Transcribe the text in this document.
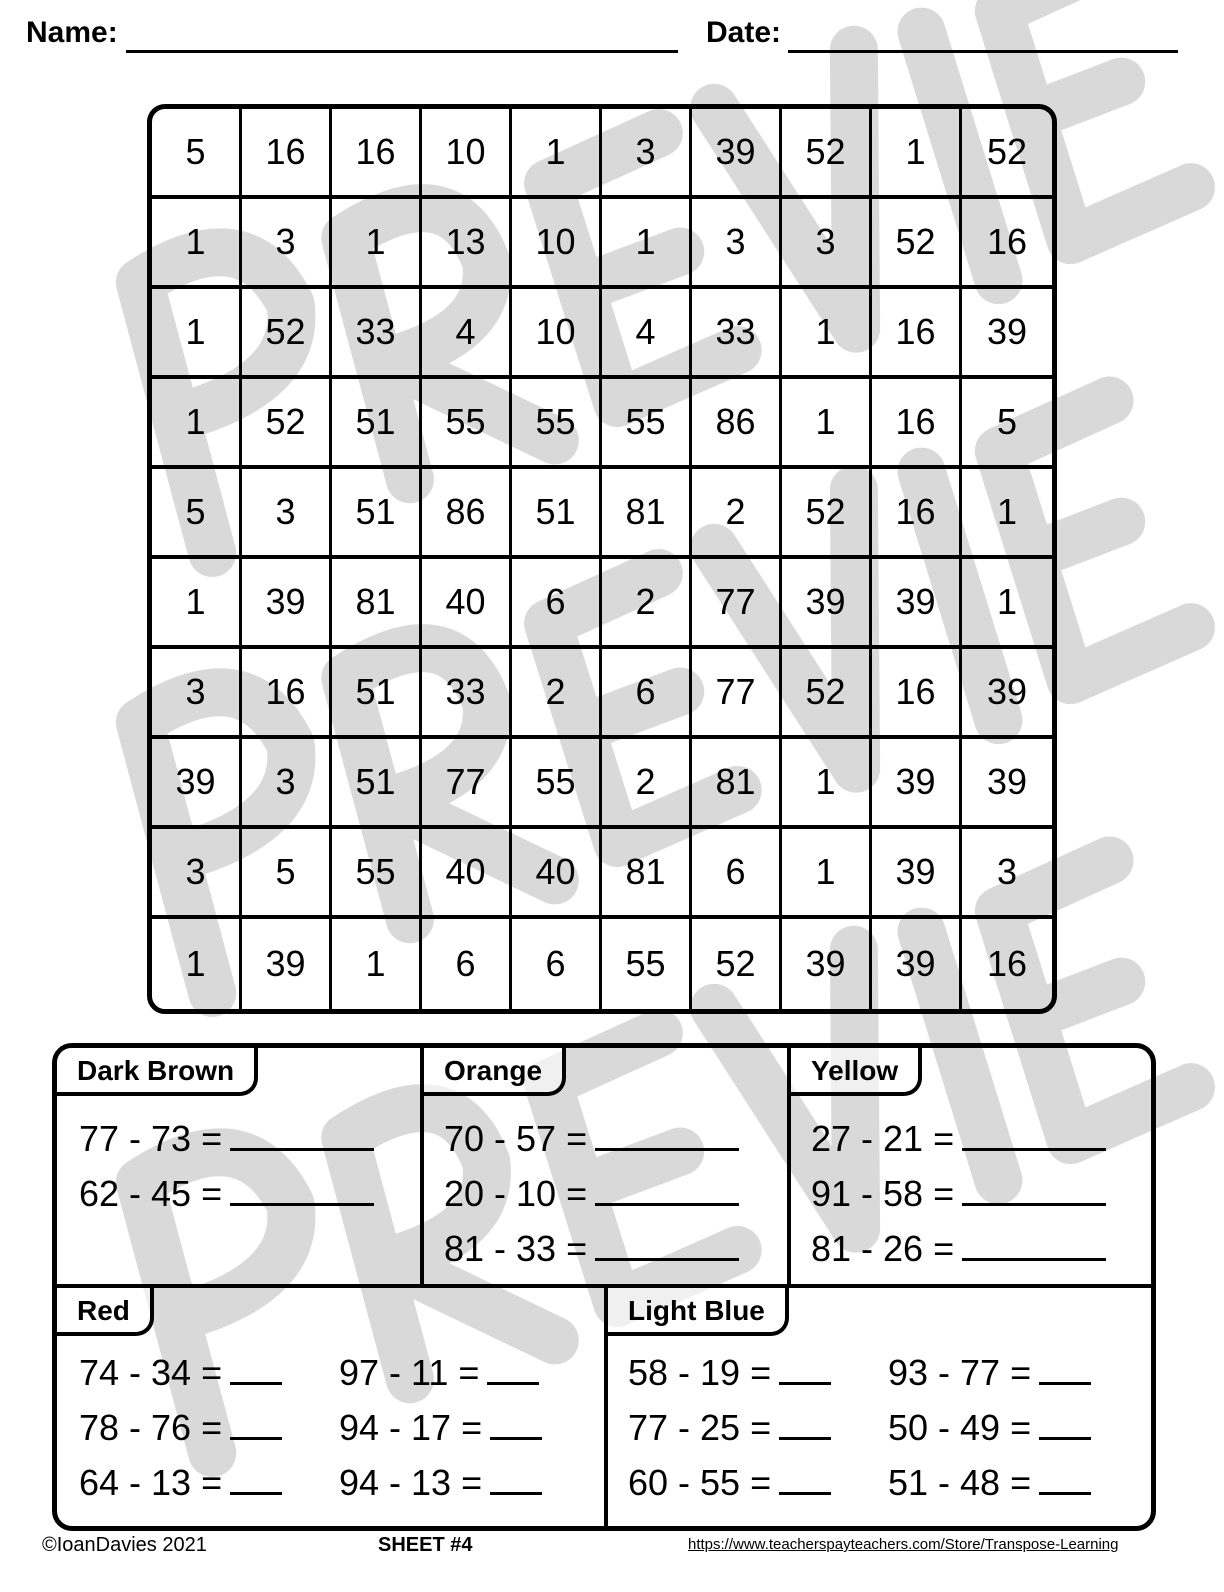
Name:	Date:
5	16	16	10	1	3	39	52	1	52
1	3	1	13	10	1	3	3	52	16
1	52	33	4	10	4	33	1	16	39
1	52	51	55	55	55	86	1	16	5
5	3	51	86	51	81	2	52	16	1
1	39	81	40	6	2	77	39	39	1
3	16	51	33	2	6	77	52	16	39
39	3	51	77	55	2	81	1	39	39
3	5	55	40	40	81	6	1	39	3
1	39	1	6	6	55	52	39	39	16
Dark Brown
77 - 73 =
62 - 45 =
Orange
70 - 57 =
20 - 10 =
81 - 33 =
Yellow
27 - 21 =
91 - 58 =
81 - 26 =
Red
74 - 34 =
78 - 76 =
64 - 13 =
97 - 11 =
94 - 17 =
94 - 13 =
Light Blue
58 - 19 =
77 - 25 =
60 - 55 =
93 - 77 =
50 - 49 =
51 - 48 =
©IoanDavies 2021	SHEET #4	https://www.teacherspayteachers.com/Store/Transpose-Learning
